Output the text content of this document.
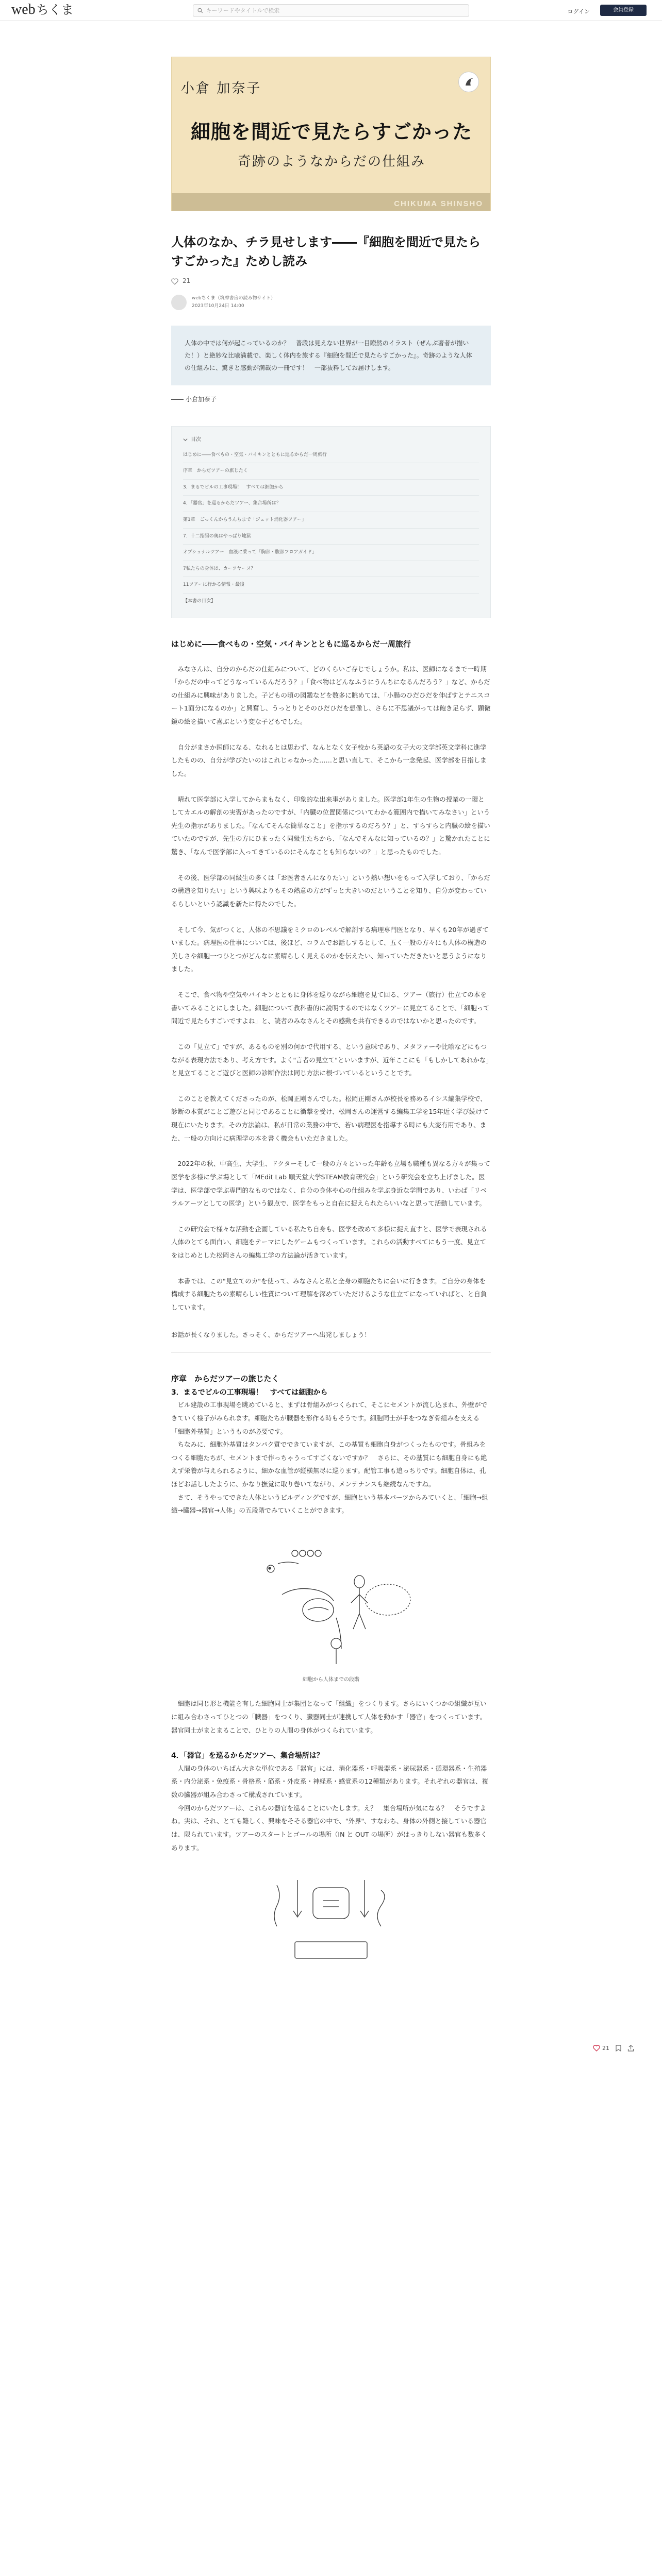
web ちくま
キーワードやタイトルで検索	ログイン	会員登録
小倉 加奈子
細胞を間近で見たらすごかった
奇跡のようなからだの仕組み
CHIKUMA SHINSHO
人体のなか、チラ見せします――『細胞を間近で見たらすごかった』ためし読み
21
webちくま（筑摩書房の読み物サイト）
2023年10月24日 14:00
人体の中では何が起こっているのか？　普段は見えない世界が一目瞭然のイラスト（ぜんぶ著者が描いた！）と絶妙な比喩満載で、楽しく体内を旅する『細胞を間近で見たらすごかった』。奇跡のような人体の仕組みに、驚きと感動が満載の一冊です！　一部抜粋してお届けします。
―― 小倉加奈子
目次
はじめに――食べもの・空気・バイキンとともに巡るからだ一周旅行
序章　からだツアーの旅じたく
3．まるでビルの工事現場！　すべては細胞から
4．「器官」を巡るからだツアー、集合場所は？
第1章　ごっくんからうんちまで「ジェット消化器ツアー」
7．十二指腸の奥はやっぱり地獄
オプショナルツアー　血液に乗って「胸部・腹部フロアガイド」
7私たちの身体は、カーツヤーヌ？
11ツアーに行かる情報・最後
【本書の目次】
はじめに――食べもの・空気・バイキンとともに巡るからだ一周旅行

みなさんは、自分のからだの仕組みについて、どのくらいご存じでしょうか。私は、医師になるまで一時期「からだの中ってどうなっているんだろう？」「食べ物はどんなふうにうんちになるんだろう？」など、からだの仕組みに興味がありました。子どもの頃の図鑑などを数多に眺めては、「小腸のひだひだを伸ばすとテニスコート1面分になるのか」と興奮し、うっとりとそのひだひだを想像し、さらに不思議がっては飽き足らず、顕微鏡の絵を描いて喜ぶという変な子どもでした。

自分がまさか医師になる、なれるとは思わず、なんとなく女子校から英語の女子大の文学部英文学科に進学したものの、自分が学びたいのはこれじゃなかった……と思い直して、そこから一念発起、医学部を目指しました。

晴れて医学部に入学してからまもなく、印象的な出来事がありました。医学部1年生の生物の授業の一環としてカエルの解剖の実習があったのですが、「内臓の位置関係についてわかる範囲内で描いてみなさい」という先生の指示がありました。「なんてそんな簡単なこと」を指示するのだろう？」と、すらすらと内臓の絵を描いていたのですが、先生の方にひまったく同級生たちから、「なんでそんなに知っているの？」と驚かれたことに驚き、「なんで医学部に入ってきているのにそんなことも知らないの？」と思ったものでした。

その後、医学部の同級生の多くは「お医者さんになりたい」という熱い想いをもって入学しており、「からだの構造を知りたい」という興味よりもその熱意の方がずっと大きいのだということを知り、自分が変わっているらしいという認識を新たに得たのでした。

そして今、気がつくと、人体の不思議をミクロのレベルで解剖する病理専門医となり、早くも20年が過ぎていました。病理医の仕事については、後ほど、コラムでお話しするとして、五く一般の方々にも人体の構造の美しさや細胞一つひとつがどんなに素晴らしく見えるのかを伝えたい、知っていただきたいと思うようになりました。

そこで、食べ物や空気やバイキンとともに身体を巡りながら細胞を見て回る、ツアー（旅行）仕立ての本を書いてみることにしました。細胞について教科書的に説明するのではなくツアーに見立てることで、「細胞って間近で見たらすごいですよね」と、読者のみなさんとその感動を共有できるのではないかと思ったのです。

この「見立て」ですが、あるものを別の何かで代用する、という意味であり、メタファーや比喩などにもつながる表現方法であり、考え方です。よく"言者の見立て"といいますが、近年ここにも「もしかしてあれかな」と見立てることご遊びと医師の診断作法は同じ方法に根づいているということです。

このことを教えてくださったのが、松岡正剛さんでした。松岡正剛さんが校長を務めるイシス編集学校で、診断の本質がことご遊びと同じであることに衝撃を受け、松岡さんの運営する編集工学を15年近く学び続けて現在にいたります。その方法論は、私が日常の業務の中で、若い病理医を指導する時にも大変有用であり、また、一般の方向けに病理学の本を書く機会もいただきました。

2022年の秋、中高生、大学生、ドクターそして一般の方々といった年齢も立場も職種も異なる方々が集って医学を多様に学ぶ場として「MEdit Lab 順天堂大学STEAM教育研究会」という研究会を立ち上げました。医学は、医学部で学ぶ専門的なものではなく、自分の身体や心の仕組みを学ぶ身近な学問であり、いわば「リベラルアーツとしての医学」という観点で、医学をもっと自在に捉えられたらいいなと思って活動しています。

この研究会で様々な活動を企画している私たち自身も、医学を改めて多様に捉え直すと、医学で表現される人体のとても面白い、細胞をテーマにしたゲームもつくっています。これらの活動すべてにもう一度、見立てをはじめとした松岡さんの編集工学の方法論が活きています。

本書では、この"見立てのカ"を使って、みなさんと私と全身の細胞たちに会いに行きます。ご自分の身体を構成する細胞たちの素晴らしい性質について理解を深めていただけるような仕立てになっていればと、と自負しています。

お話が長くなりました。さっそく、からだツアーへ出発しましょう！
序章　からだツアーの旅じたく
3．まるでビルの工事現場！　すべては細胞から

ビル建設の工事現場を眺めていると、まずは骨組みがつくられて、そこにセメントが流し込まれ、外壁ができていく様子がみられます。細胞たちが臓器を形作る時もそうです。細胞同士が手をつなぎ骨組みを支える「細胞外基質」というものが必要です。

ちなみに、細胞外基質はタンパク質でできていますが、この基質も細胞自身がつくったものです。骨組みをつくる細胞たちが、セメントまで作っちゃうってすごくないですか？　さらに、その基質にも細胞自身にも絶えず栄養が与えられるように、細かな血管が縦横無尽に巡ります。配管工事も追っちりです。細胞自体は、孔ほどお話ししたように、かなり撫覚に取り巻いてながり、メンテナンスも継続なんですね。

さて、そうやってできた人体というビルディングですが、細胞という基本パーツからみていくと、「細胞→組織→臓器→器官→人体」の五段階でみていくことができます。

細胞から人体までの段階

細胞は同じ形と機能を有した細胞同士が集団となって「組織」をつくります。さらにいくつかの組織が互いに組み合わさってひとつの「臓器」をつくり、臓器同士が連携して人体を動かす「器官」をつくっています。器官同士がまとまることで、ひとりの人間の身体がつくられています。

4．「器官」を巡るからだツアー、集合場所は？

人間の身体のいちばん大きな単位である「器官」には、消化器系・呼吸器系・泌尿器系・循環器系・生殖器系・内分泌系・免疫系・骨格系・筋系・外皮系・神経系・感覚系の12種類があります。それぞれの器官は、複数の臓器が組み合わさって構成されています。

今回のからだツアーは、これらの器官を巡ることにいたします。え？　集合場所が気になる？　そうですよね。実は、それ、とても難しく、興味をそそる器官の中で、"外界"、すなわち、身体の外側と接している器官は、限られています。ツアーのスタートとゴールの場所（IN と OUT の場所）がはっきりしない器官も数多くあります。

21
